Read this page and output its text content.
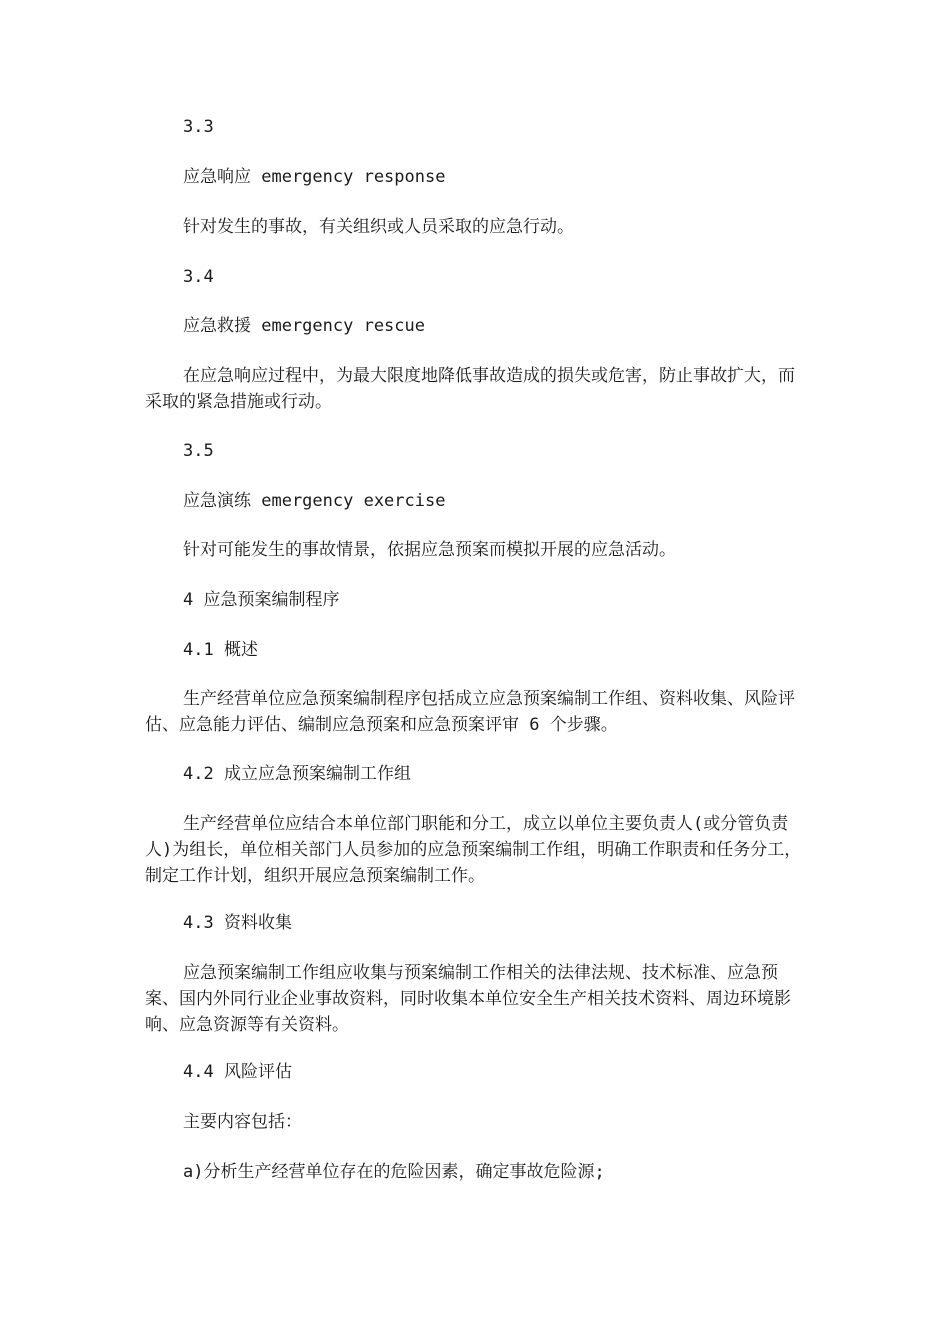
3.3

应急响应 emergency response

针对发生的事故，有关组织或人员采取的应急行动。

3.4

应急救援 emergency rescue

在应急响应过程中，为最大限度地降低事故造成的损失或危害，防止事故扩大，而采取的紧急措施或行动。

3.5

应急演练 emergency exercise

针对可能发生的事故情景，依据应急预案而模拟开展的应急活动。

4 应急预案编制程序

4.1 概述

生产经营单位应急预案编制程序包括成立应急预案编制工作组、资料收集、风险评估、应急能力评估、编制应急预案和应急预案评审 6 个步骤。

4.2 成立应急预案编制工作组

生产经营单位应结合本单位部门职能和分工，成立以单位主要负责人(或分管负责人)为组长，单位相关部门人员参加的应急预案编制工作组，明确工作职责和任务分工，制定工作计划，组织开展应急预案编制工作。

4.3 资料收集

应急预案编制工作组应收集与预案编制工作相关的法律法规、技术标准、应急预案、国内外同行业企业事故资料，同时收集本单位安全生产相关技术资料、周边环境影响、应急资源等有关资料。

4.4 风险评估

主要内容包括：

a)分析生产经营单位存在的危险因素，确定事故危险源;
